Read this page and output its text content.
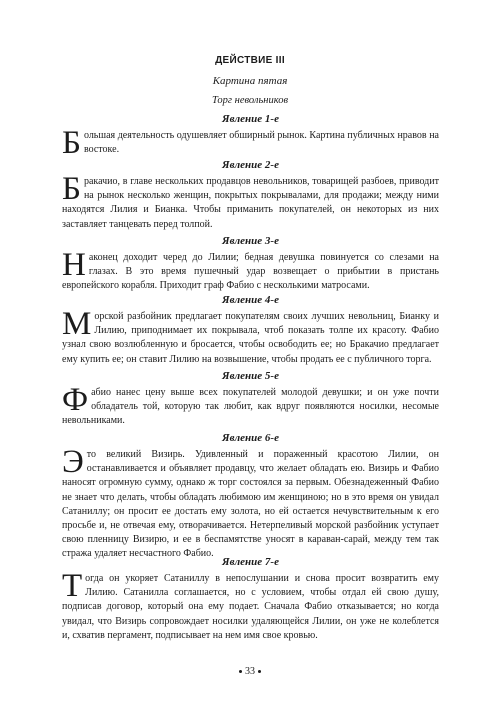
ДЕЙСТВИЕ III
Картина пятая
Торг невольников
Явление 1-е

Большая деятельность одушевляет обширный рынок. Картина публичных нравов на востоке.

Явление 2-е

Бракачио, в главе нескольких продавцов невольников, товарищей разбоев, приводит на рынок несколько женщин, покрытых покрывалами, для продажи; между ними находятся Лилия и Бианка. Чтобы приманить покупателей, он некоторых из них заставляет танцевать перед толпой.

Явление 3-е

Наконец доходит черед до Лилии; бедная девушка повинуется со слезами на глазах. В это время пушечный удар возвещает о прибытии в пристань европейского корабля. Приходит граф Фабио с несколькими матросами.

Явление 4-е

Морской разбойник предлагает покупателям своих лучших невольниц, Бианку и Лилию, приподнимает их покрывала, чтоб показать толпе их красоту. Фабио узнал свою возлюбленную и бросается, чтобы освободить ее; но Бракачио предлагает ему купить ее; он ставит Лилию на возвышение, чтобы продать ее с публичного торга.

Явление 5-е

Фабио нанес цену выше всех покупателей молодой девушки; и он уже почти обладатель той, которую так любит, как вдруг появляются носилки, несомые невольниками.

Явление 6-е

Это великий Визирь. Удивленный и пораженный красотою Лилии, он останавливается и объявляет продавцу, что желает обладать ею. Визирь и Фабио наносят огромную сумму, однако ж торг состоялся за первым. Обезнадеженный Фабио не знает что делать, чтобы обладать любимою им женщиною; но в это время он увидал Сатаниллу; он просит ее достать ему золота, но ей остается нечувствительным к его просьбе и, не отвечая ему, отворачивается. Нетерпеливый морской разбойник уступает свою пленницу Визирю, и ее в беспамятстве уносят в караван-сарай, между тем так стража удаляет несчастного Фабио.

Явление 7-е

Тогда он укоряет Сатаниллу в непослушании и снова просит возвратить ему Лилию. Сатанилла соглашается, но с условием, чтобы отдал ей свою душу, подписав договор, который она ему подает. Сначала Фабио отказывается; но когда увидал, что Визирь сопровождает носилки удаляющейся Лилии, он уже не колеблется и, схватив пергамент, подписывает на нем имя свое кровью.

33
